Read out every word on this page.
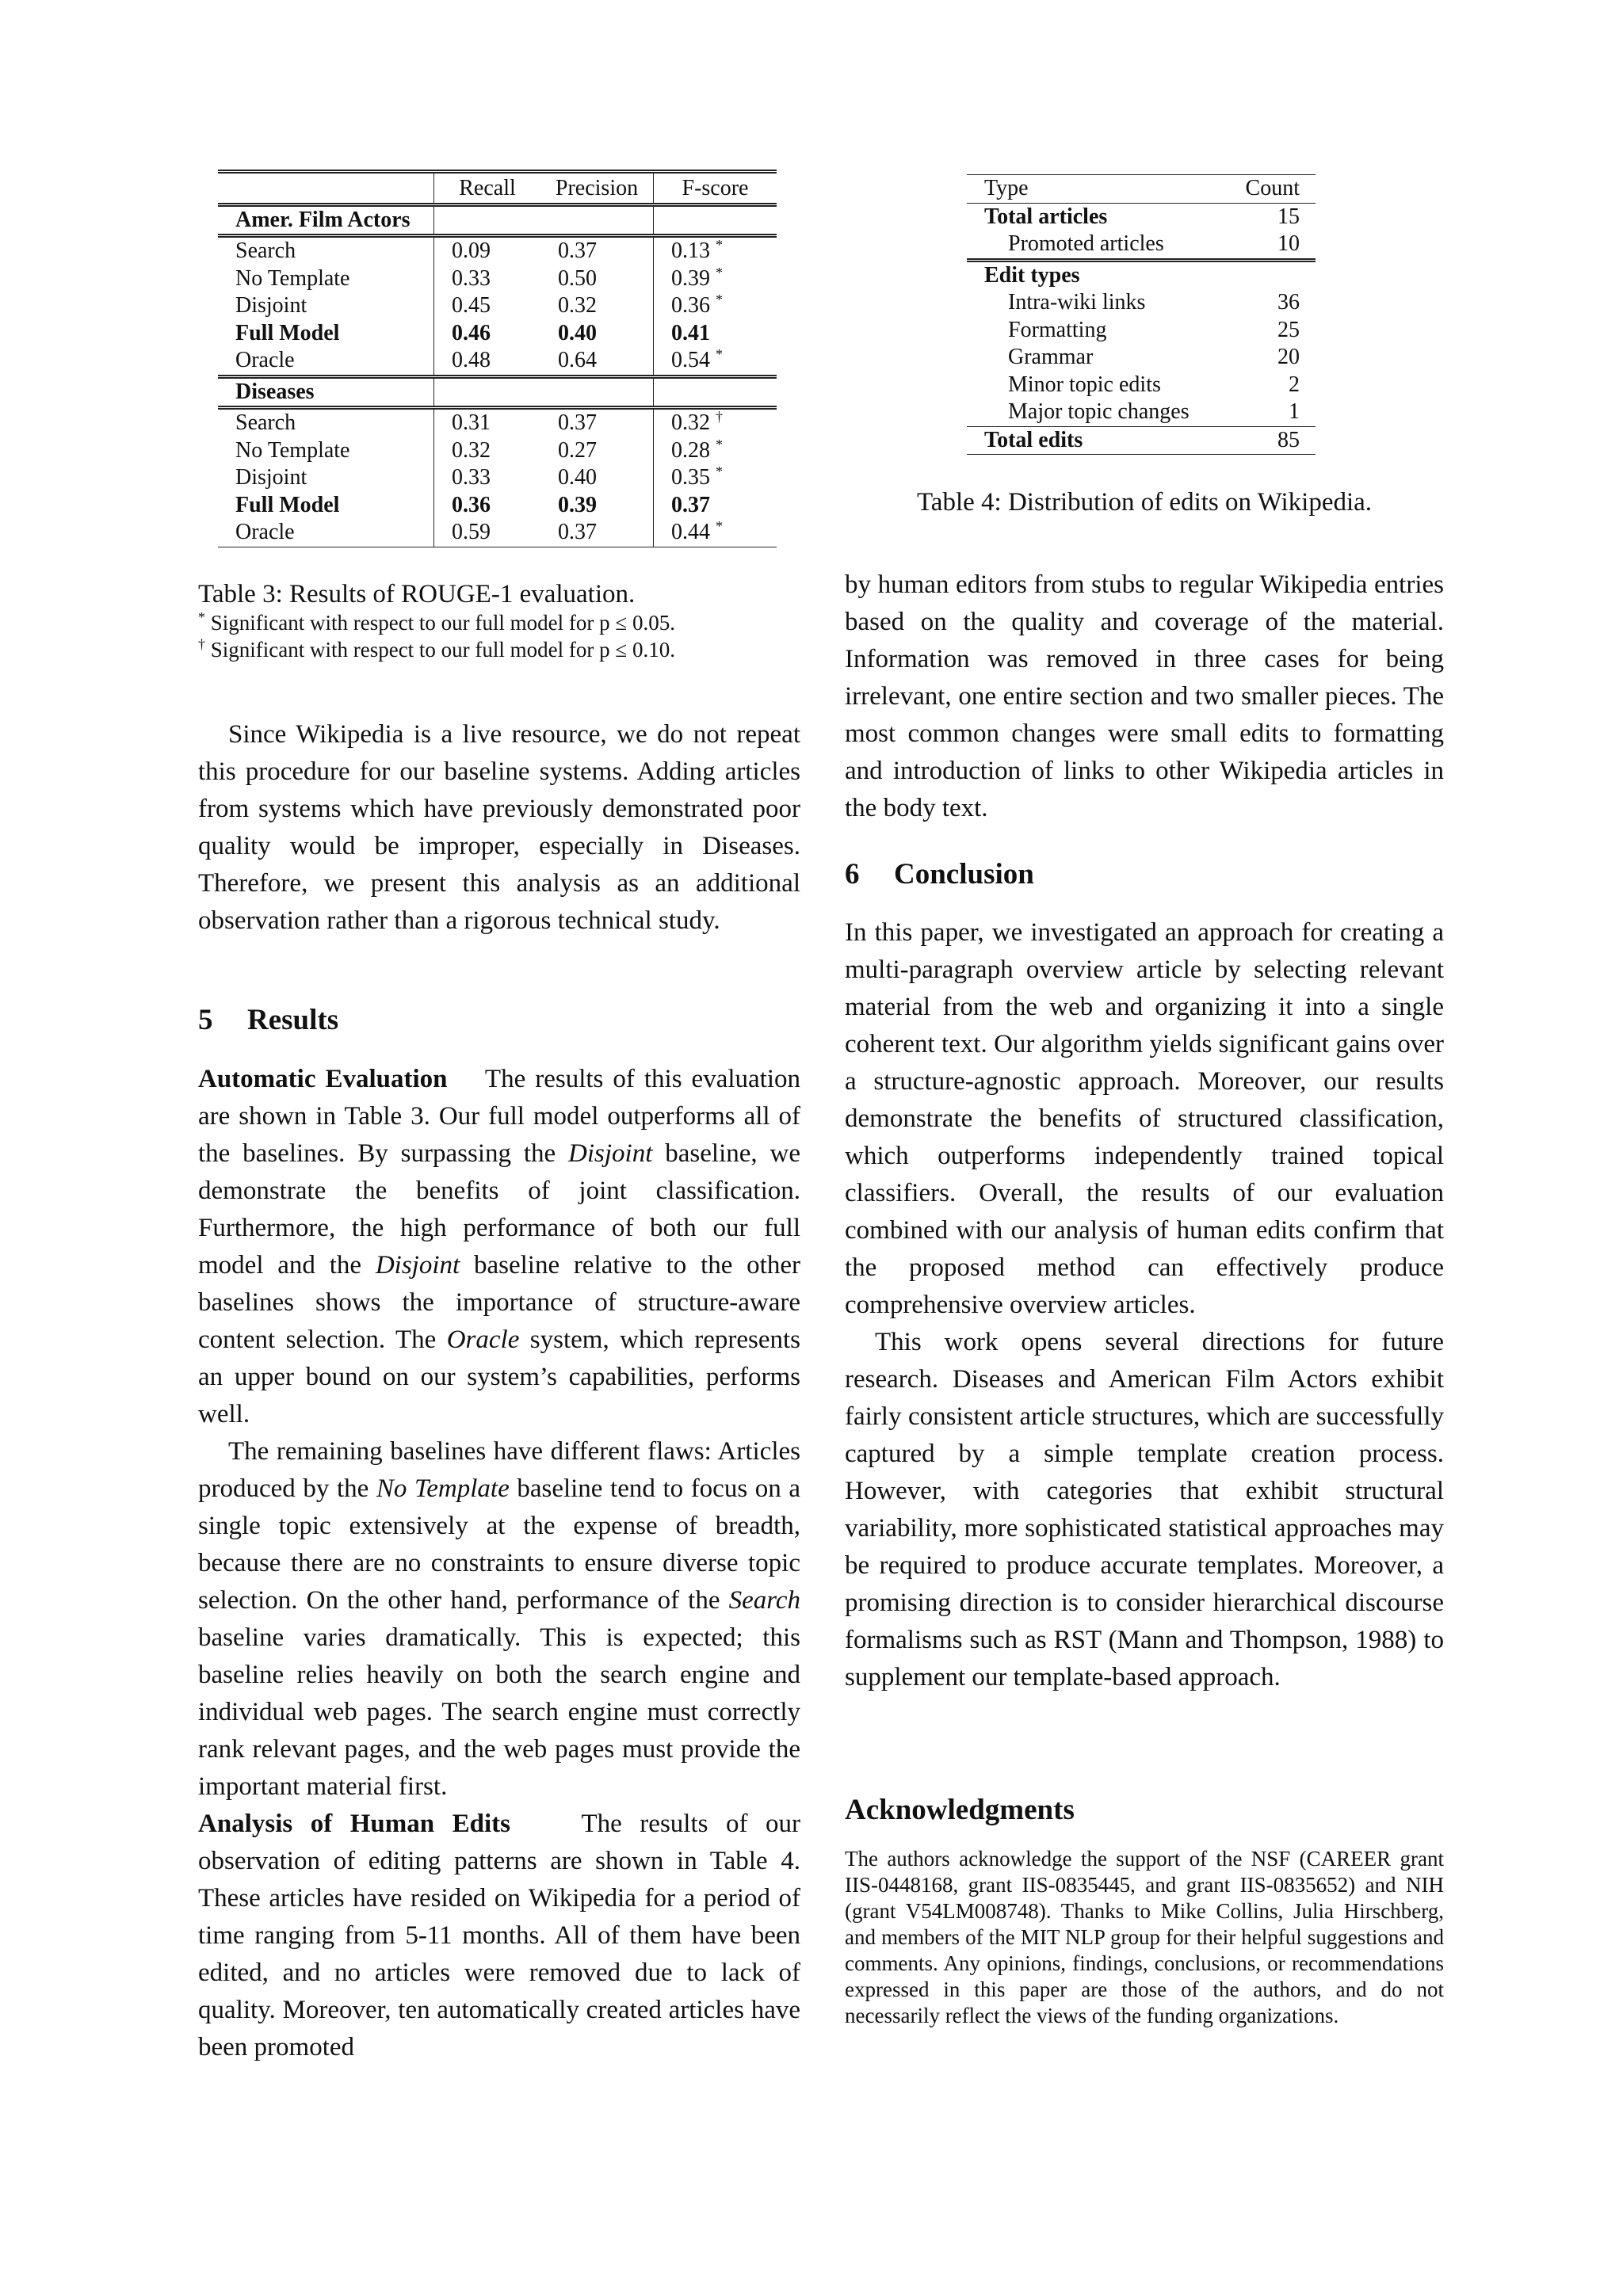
	Recall	Precision	F-score
Amer. Film Actors			
Search	0.09	0.37	0.13 *
No Template	0.33	0.50	0.39 *
Disjoint	0.45	0.32	0.36 *
Full Model	0.46	0.40	0.41
Oracle	0.48	0.64	0.54 *
Diseases			
Search	0.31	0.37	0.32 †
No Template	0.32	0.27	0.28 *
Disjoint	0.33	0.40	0.35 *
Full Model	0.36	0.39	0.37
Oracle	0.59	0.37	0.44 *
Table 3: Results of ROUGE-1 evaluation.
* Significant with respect to our full model for p ≤ 0.05.
† Significant with respect to our full model for p ≤ 0.10.
Type	Count
Total articles	15
Promoted articles	10
Edit types	
Intra-wiki links	36
Formatting	25
Grammar	20
Minor topic edits	2
Major topic changes	1
Total edits	85
Table 4: Distribution of edits on Wikipedia.

Since Wikipedia is a live resource, we do not repeat this procedure for our baseline systems. Adding articles from systems which have previously demonstrated poor quality would be improper, especially in Diseases. Therefore, we present this analysis as an additional observation rather than a rigorous technical study.

5 Results

Automatic Evaluation The results of this evaluation are shown in Table 3. Our full model outperforms all of the baselines. By surpassing the Disjoint baseline, we demonstrate the benefits of joint classification. Furthermore, the high performance of both our full model and the Disjoint baseline relative to the other baselines shows the importance of structure-aware content selection. The Oracle system, which represents an upper bound on our system’s capabilities, performs well.

The remaining baselines have different flaws: Articles produced by the No Template baseline tend to focus on a single topic extensively at the expense of breadth, because there are no constraints to ensure diverse topic selection. On the other hand, performance of the Search baseline varies dramatically. This is expected; this baseline relies heavily on both the search engine and individual web pages. The search engine must correctly rank relevant pages, and the web pages must provide the important material first.

Analysis of Human Edits	The results of our observation of editing patterns are shown in Table 4. These articles have resided on Wikipedia for a period of time ranging from 5-11 months. All of them have been edited, and no articles were removed due to lack of quality. Moreover, ten automatically created articles have been promoted

by human editors from stubs to regular Wikipedia entries based on the quality and coverage of the material. Information was removed in three cases for being irrelevant, one entire section and two smaller pieces. The most common changes were small edits to formatting and introduction of links to other Wikipedia articles in the body text.

6 Conclusion

In this paper, we investigated an approach for creating a multi-paragraph overview article by selecting relevant material from the web and organizing it into a single coherent text. Our algorithm yields significant gains over a structure-agnostic approach. Moreover, our results demonstrate the benefits of structured classification, which outperforms independently trained topical classifiers. Overall, the results of our evaluation combined with our analysis of human edits confirm that the proposed method can effectively produce comprehensive overview articles.

This work opens several directions for future research. Diseases and American Film Actors exhibit fairly consistent article structures, which are successfully captured by a simple template creation process. However, with categories that exhibit structural variability, more sophisticated statistical approaches may be required to produce accurate templates. Moreover, a promising direction is to consider hierarchical discourse formalisms such as RST (Mann and Thompson, 1988) to supplement our template-based approach.

Acknowledgments

The authors acknowledge the support of the NSF (CAREER grant IIS-0448168, grant IIS-0835445, and grant IIS-0835652) and NIH (grant V54LM008748). Thanks to Mike Collins, Julia Hirschberg, and members of the MIT NLP group for their helpful suggestions and comments. Any opinions, findings, conclusions, or recommendations expressed in this paper are those of the authors, and do not necessarily reflect the views of the funding organizations.
